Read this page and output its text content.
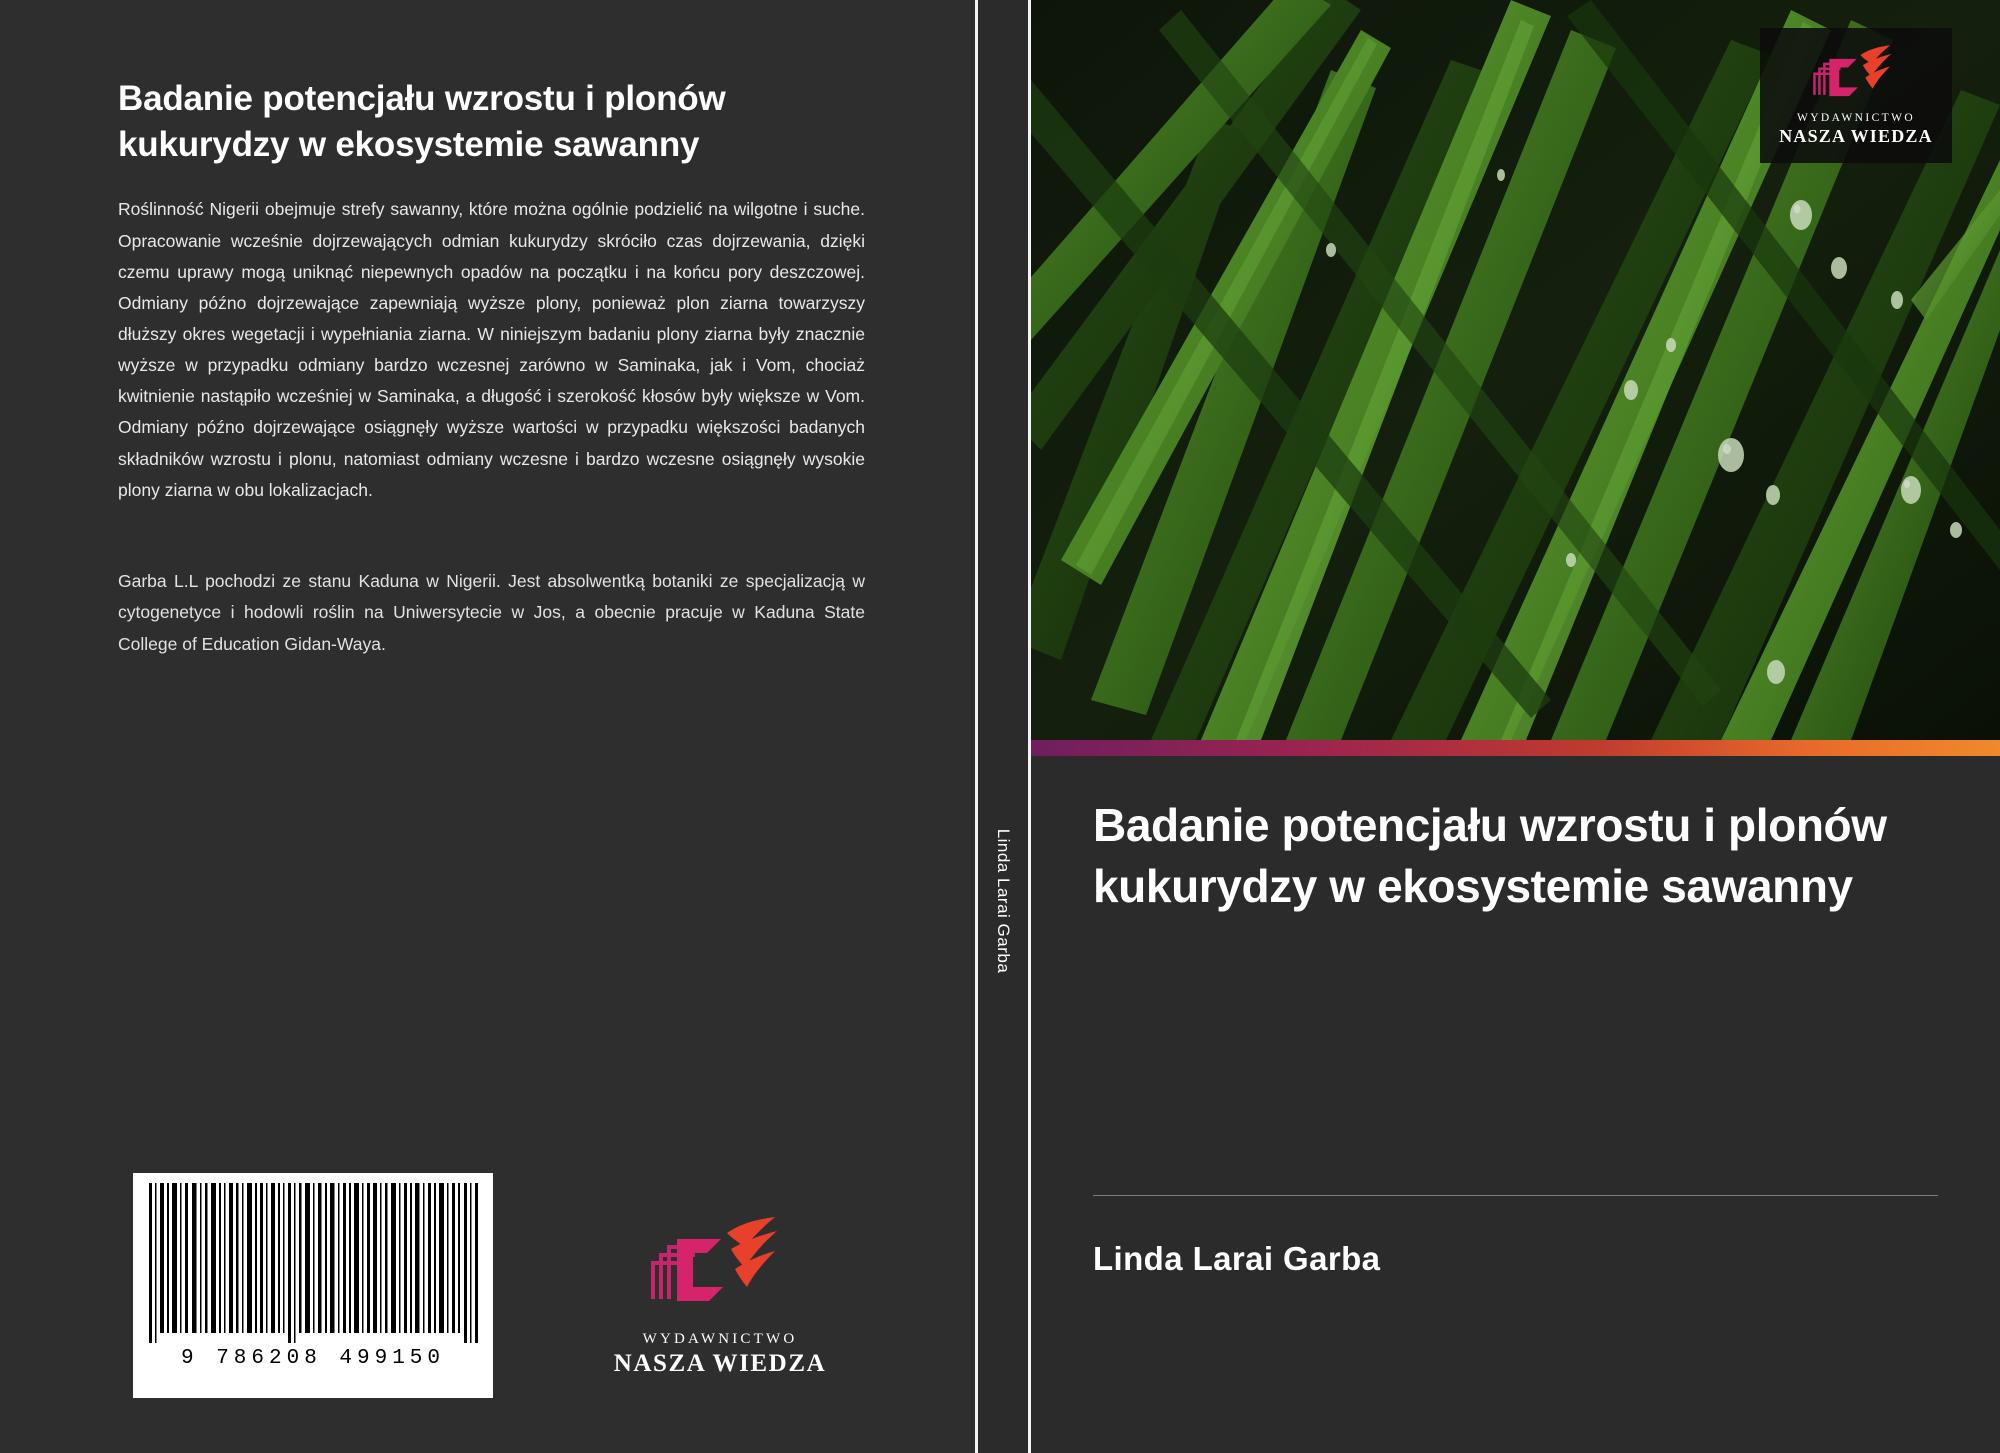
Badanie potencjału wzrostu i plonów kukurydzy w ekosystemie sawanny
Roślinność Nigerii obejmuje strefy sawanny, które można ogólnie podzielić na wilgotne i suche. Opracowanie wcześnie dojrzewających odmian kukurydzy skróciło czas dojrzewania, dzięki czemu uprawy mogą uniknąć niepewnych opadów na początku i na końcu pory deszczowej. Odmiany późno dojrzewające zapewniają wyższe plony, ponieważ plon ziarna towarzyszy dłuższy okres wegetacji i wypełniania ziarna. W niniejszym badaniu plony ziarna były znacznie wyższe w przypadku odmiany bardzo wczesnej zarówno w Saminaka, jak i Vom, chociaż kwitnienie nastąpiło wcześniej w Saminaka, a długość i szerokość kłosów były większe w Vom. Odmiany późno dojrzewające osiągnęły wyższe wartości w przypadku większości badanych składników wzrostu i plonu, natomiast odmiany wczesne i bardzo wczesne osiągnęły wysokie plony ziarna w obu lokalizacjach.
Garba L.L pochodzi ze stanu Kaduna w Nigerii. Jest absolwentką botaniki ze specjalizacją w cytogenetyce i hodowli roślin na Uniwersytecie w Jos, a obecnie pracuje w Kaduna State College of Education Gidan-Waya.
9 786208 499150
WYDAWNICTWO
NASZA WIEDZA
Linda Larai Garba
WYDAWNICTWO
NASZA WIEDZA
Badanie potencjału wzrostu i plonów kukurydzy w ekosystemie sawanny
Linda Larai Garba
